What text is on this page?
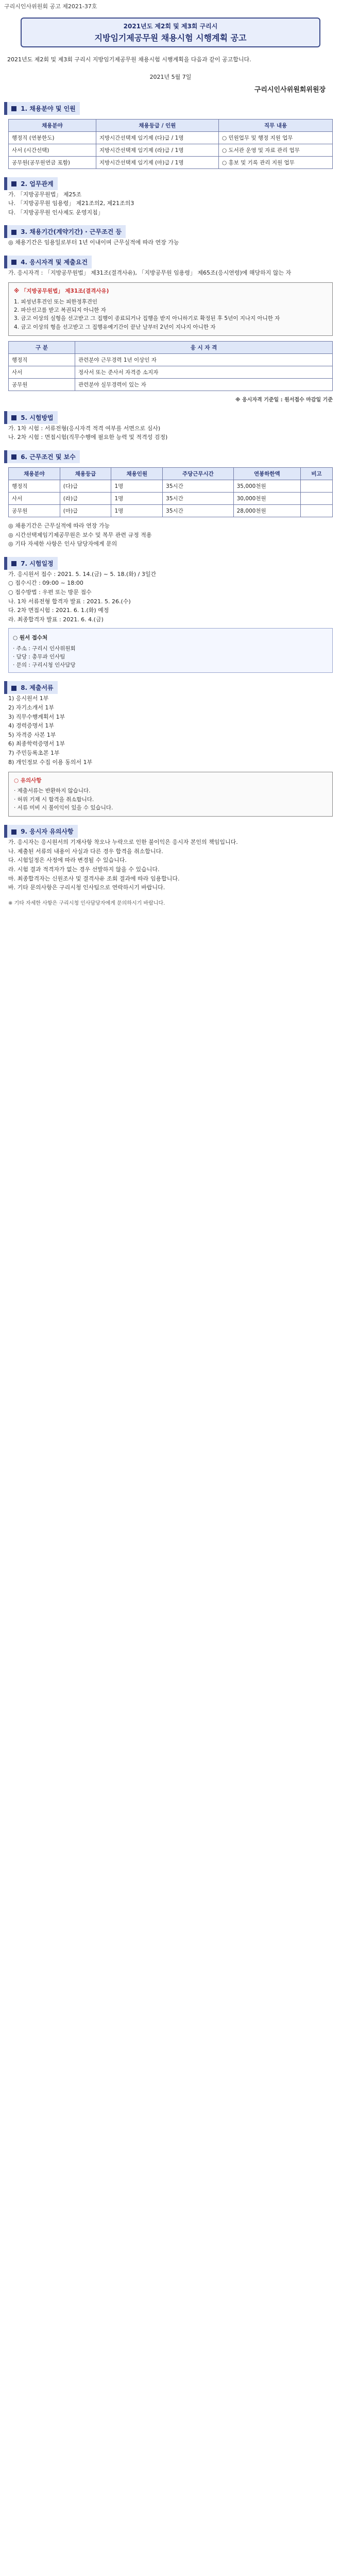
구리시인사위원회 공고 제2021-37호
2021년도 제2회 및 제3회 구리시
지방임기제공무원 채용시험 시행계획 공고
2021년도 제2회 및 제3회 구리시 지방임기제공무원 채용시험 시행계획을 다음과 같이 공고합니다.
2021년 5월 7일
구리시인사위원회위원장
1. 채용분야 및 인원
채용분야	채용등급 / 인원	직무 내용
행정직 (연봉한도)	지방시간선택제 임기제 (다)급 / 1명	○ 민원업무 및 행정 지원 업무
사서 (시간선택)	지방시간선택제 임기제 (라)급 / 1명	○ 도서관 운영 및 자료 관리 업무
공무원(공무원연금 포함)	지방시간선택제 임기제 (마)급 / 1명	○ 홍보 및 기록 관리 지원 업무
2. 업무관계
가. 「지방공무원법」 제25조
나. 「지방공무원 임용령」 제21조의2, 제21조의3
다. 「지방공무원 인사제도 운영지침」
3. 채용기간(계약기간) · 근무조건 등
◎ 채용기간은 임용일로부터 1년 이내이며 근무실적에 따라 연장 가능
4. 응시자격 및 제출요건
가. 응시자격 : 「지방공무원법」 제31조(결격사유), 「지방공무원 임용령」 제65조(응시연령)에 해당하지 않는 자
※ 「지방공무원법」 제31조(결격사유)
1. 피성년후견인 또는 피한정후견인
2. 파산선고를 받고 복권되지 아니한 자
3. 금고 이상의 실형을 선고받고 그 집행이 종료되거나 집행을 받지 아니하기로 확정된 후 5년이 지나지 아니한 자
4. 금고 이상의 형을 선고받고 그 집행유예기간이 끝난 날부터 2년이 지나지 아니한 자
구 분	응 시 자 격
행정직	관련분야 근무경력 1년 이상인 자
사서	정사서 또는 준사서 자격증 소지자
공무원	관련분야 실무경력이 있는 자
※ 응시자격 기준일 : 원서접수 마감일 기준
5. 시험방법
가. 1차 시험 : 서류전형(응시자격 적격 여부를 서면으로 심사)
나. 2차 시험 : 면접시험(직무수행에 필요한 능력 및 적격성 검정)
6. 근무조건 및 보수
채용분야	채용등급	채용인원	주당근무시간	연봉하한액	비고
행정직	(다)급	1명	35시간	35,000천원	
사서	(라)급	1명	35시간	30,000천원	
공무원	(마)급	1명	35시간	28,000천원	
◎ 채용기간은 근무실적에 따라 연장 가능
◎ 시간선택제임기제공무원은 보수 및 복무 관련 규정 적용
◎ 기타 자세한 사항은 인사 담당자에게 문의
7. 시험일정
가. 응시원서 접수 : 2021. 5. 14.(금) ~ 5. 18.(화) / 3일간
○ 접수시간 : 09:00 ~ 18:00
○ 접수방법 : 우편 또는 방문 접수
나. 1차 서류전형 합격자 발표 : 2021. 5. 26.(수)
다. 2차 면접시험 : 2021. 6. 1.(화) 예정
라. 최종합격자 발표 : 2021. 6. 4.(금)
○ 원서 접수처
· 주소 : 구리시 인사위원회
· 담당 : 총무과 인사팀
· 문의 : 구리시청 인사담당
8. 제출서류
1) 응시원서 1부
2) 자기소개서 1부
3) 직무수행계획서 1부
4) 경력증명서 1부
5) 자격증 사본 1부
6) 최종학력증명서 1부
7) 주민등록초본 1부
8) 개인정보 수집 이용 동의서 1부
○ 유의사항
· 제출서류는 반환하지 않습니다.
· 허위 기재 시 합격을 취소합니다.
· 서류 미비 시 불이익이 있을 수 있습니다.
9. 응시자 유의사항
가. 응시자는 응시원서의 기재사항 착오나 누락으로 인한 불이익은 응시자 본인의 책임입니다.
나. 제출된 서류의 내용이 사실과 다른 경우 합격을 취소합니다.
다. 시험일정은 사정에 따라 변경될 수 있습니다.
라. 시험 결과 적격자가 없는 경우 선발하지 않을 수 있습니다.
마. 최종합격자는 신원조사 및 결격사유 조회 결과에 따라 임용합니다.
바. 기타 문의사항은 구리시청 인사팀으로 연락하시기 바랍니다.
※ 기타 자세한 사항은 구리시청 인사담당자에게 문의하시기 바랍니다.
